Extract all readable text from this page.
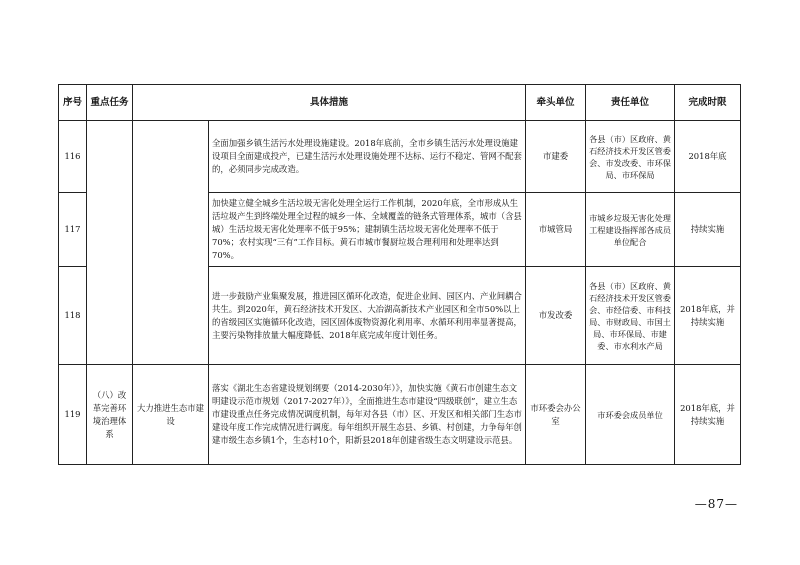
序号	重点任务	具体措施		牵头单位	责任单位	完成时限
116			全面加强乡镇生活污水处理设施建设。2018年底前，全市乡镇生活污水处理设施建设项目全面建成投产，已建生活污水处理设施处理不达标、运行不稳定、管网不配套的，必须同步完成改造。	市建委	各县（市）区政府、黄石经济技术开发区管委会、市发改委、市环保局、市环保局	2018年底
117			加快建立健全城乡生活垃圾无害化处理全运行工作机制，2020年底，全市形成从生活垃圾产生到终端处理全过程的城乡一体、全域覆盖的链条式管理体系，城市（含县城）生活垃圾无害化处理率不低于95%；建制镇生活垃圾无害化处理率不低于70%；农村实现“三有”工作目标。黄石市城市餐厨垃圾合理利用和处理率达到70%。	市城管局	市城乡垃圾无害化处理工程建设指挥部各成员单位配合	持续实施
118			进一步鼓励产业集聚发展，推进园区循环化改造，促进企业间、园区内、产业间耦合共生。到2020年，黄石经济技术开发区、大冶湖高新技术产业园区和全市50%以上的省级园区实施循环化改造，园区固体废物资源化利用率、水循环利用率显著提高，主要污染物排放量大幅度降低、2018年底完成年度计划任务。	市发改委	各县（市）区政府、黄石经济技术开发区管委会、市经信委、市科技局、市财政局、市国土局、市环保局、市建委、市水利水产局	2018年底，并持续实施
119	（八）改革完善环境治理体系	大力推进生态市建设	落实《湖北生态省建设规划纲要（2014-2030年）》，加快实施《黄石市创建生态文明建设示范市规划（2017-2027年）》，全面推进生态市建设“四级联创”，建立生态市建设重点任务完成情况调度机制，每年对各县（市）区、开发区和相关部门生态市建设年度工作完成情况进行调度。每年组织开展生态县、乡镇、村创建，力争每年创建市级生态乡镇1个，生态村10个，阳新县2018年创建省级生态文明建设示范县。	市环委会办公室	市环委会成员单位	2018年底，并持续实施
—87—
